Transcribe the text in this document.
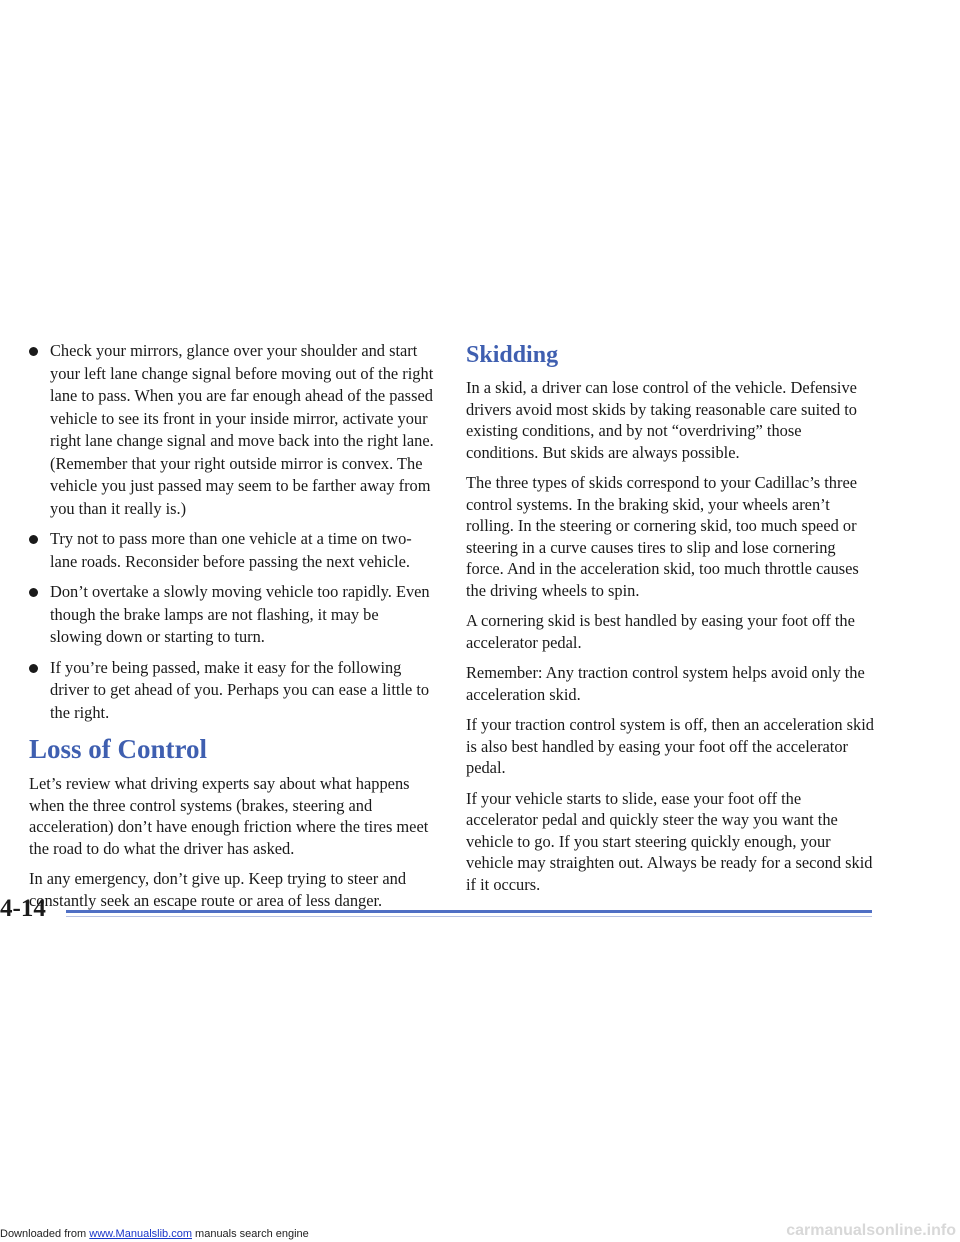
Check your mirrors, glance over your shoulder and start your left lane change signal before moving out of the right lane to pass. When you are far enough ahead of the passed vehicle to see its front in your inside mirror, activate your right lane change signal and move back into the right lane. (Remember that your right outside mirror is convex. The vehicle you just passed may seem to be farther away from you than it really is.)
Try not to pass more than one vehicle at a time on two-lane roads. Reconsider before passing the next vehicle.
Don’t overtake a slowly moving vehicle too rapidly. Even though the brake lamps are not flashing, it may be slowing down or starting to turn.
If you’re being passed, make it easy for the following driver to get ahead of you. Perhaps you can ease a little to the right.
Loss of Control

Let’s review what driving experts say about what happens when the three control systems (brakes, steering and acceleration) don’t have enough friction where the tires meet the road to do what the driver has asked.

In any emergency, don’t give up. Keep trying to steer and constantly seek an escape route or area of less danger.

Skidding

In a skid, a driver can lose control of the vehicle. Defensive drivers avoid most skids by taking reasonable care suited to existing conditions, and by not “overdriving” those conditions. But skids are always possible.

The three types of skids correspond to your Cadillac’s three control systems. In the braking skid, your wheels aren’t rolling. In the steering or cornering skid, too much speed or steering in a curve causes tires to slip and lose cornering force. And in the acceleration skid, too much throttle causes the driving wheels to spin.

A cornering skid is best handled by easing your foot off the accelerator pedal.

Remember: Any traction control system helps avoid only the acceleration skid.

If your traction control system is off, then an acceleration skid is also best handled by easing your foot off the accelerator pedal.

If your vehicle starts to slide, ease your foot off the accelerator pedal and quickly steer the way you want the vehicle to go. If you start steering quickly enough, your vehicle may straighten out. Always be ready for a second skid if it occurs.

4-14
Downloaded from www.Manualslib.com manuals search engine	carmanualsonline.info
